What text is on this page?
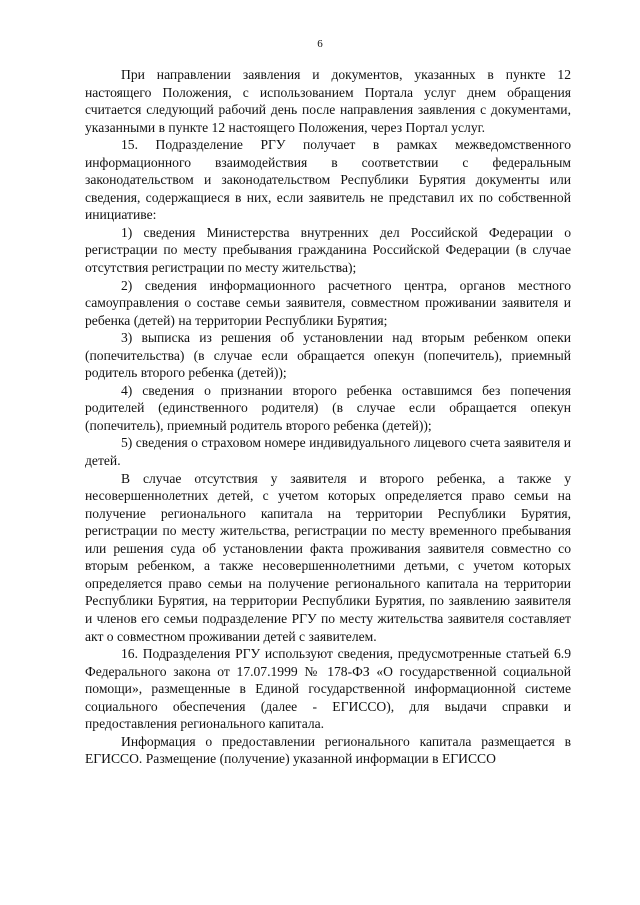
6

При направлении заявления и документов, указанных в пункте 12 настоящего Положения, с использованием Портала услуг днем обращения считается следующий рабочий день после направления заявления с документами, указанными в пункте 12 настоящего Положения, через Портал услуг.

15. Подразделение РГУ получает в рамках межведомственного информационного взаимодействия в соответствии с федеральным законодательством и законодательством Республики Бурятия документы или сведения, содержащиеся в них, если заявитель не представил их по собственной инициативе:

1) сведения Министерства внутренних дел Российской Федерации о регистрации по месту пребывания гражданина Российской Федерации (в случае отсутствия регистрации по месту жительства);

2) сведения информационного расчетного центра, органов местного самоуправления о составе семьи заявителя, совместном проживании заявителя и ребенка (детей) на территории Республики Бурятия;

3) выписка из решения об установлении над вторым ребенком опеки (попечительства) (в случае если обращается опекун (попечитель), приемный родитель второго ребенка (детей));

4) сведения о признании второго ребенка оставшимся без попечения родителей (единственного родителя) (в случае если обращается опекун (попечитель), приемный родитель второго ребенка (детей));

5) сведения о страховом номере индивидуального лицевого счета заявителя и детей.

В случае отсутствия у заявителя и второго ребенка, а также у несовершеннолетних детей, с учетом которых определяется право семьи на получение регионального капитала на территории Республики Бурятия, регистрации по месту жительства, регистрации по месту временного пребывания или решения суда об установлении факта проживания заявителя совместно со вторым ребенком, а также несовершеннолетними детьми, с учетом которых определяется право семьи на получение регионального капитала на территории Республики Бурятия, на территории Республики Бурятия, по заявлению заявителя и членов его семьи подразделение РГУ по месту жительства заявителя составляет акт о совместном проживании детей с заявителем.

16. Подразделения РГУ используют сведения, предусмотренные статьей 6.9 Федерального закона от 17.07.1999 № 178-ФЗ «О государственной социальной помощи», размещенные в Единой государственной информационной системе социального обеспечения (далее - ЕГИССО), для выдачи справки и предоставления регионального капитала.

Информация о предоставлении регионального капитала размещается в ЕГИССО. Размещение (получение) указанной информации в ЕГИССО
